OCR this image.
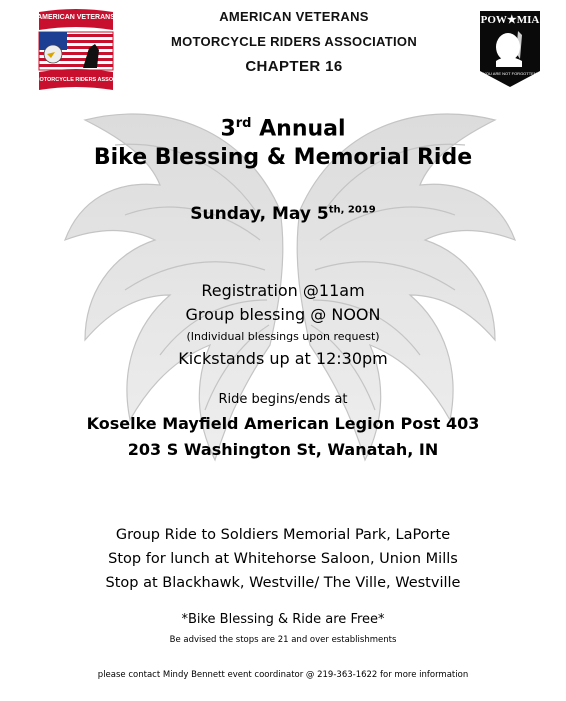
AMERICAN VETERANS
MOTORCYCLE RIDERS ASSOC
POW★MIA
YOU ARE NOT FORGOTTEN
AMERICAN VETERANS
MOTORCYCLE RIDERS ASSOCIATION
CHAPTER 16
3rd Annual
Bike Blessing & Memorial Ride
Sunday, May $5^{th, 2019}$
Registration @11am
Group blessing @ NOON
(Individual blessings upon request)
Kickstands up at 12:30pm
Ride begins/ends at
Koselke Mayfield American Legion Post 403
203 S Washington St, Wanatah, IN
Group Ride to Soldiers Memorial Park, LaPorte
Stop for lunch at Whitehorse Saloon, Union Mills
Stop at Blackhawk, Westville/ The Ville, Westville
*Bike Blessing & Ride are Free*
Be advised the stops are 21 and over establishments
please contact Mindy Bennett event coordinator @ 219-363-1622 for more information
